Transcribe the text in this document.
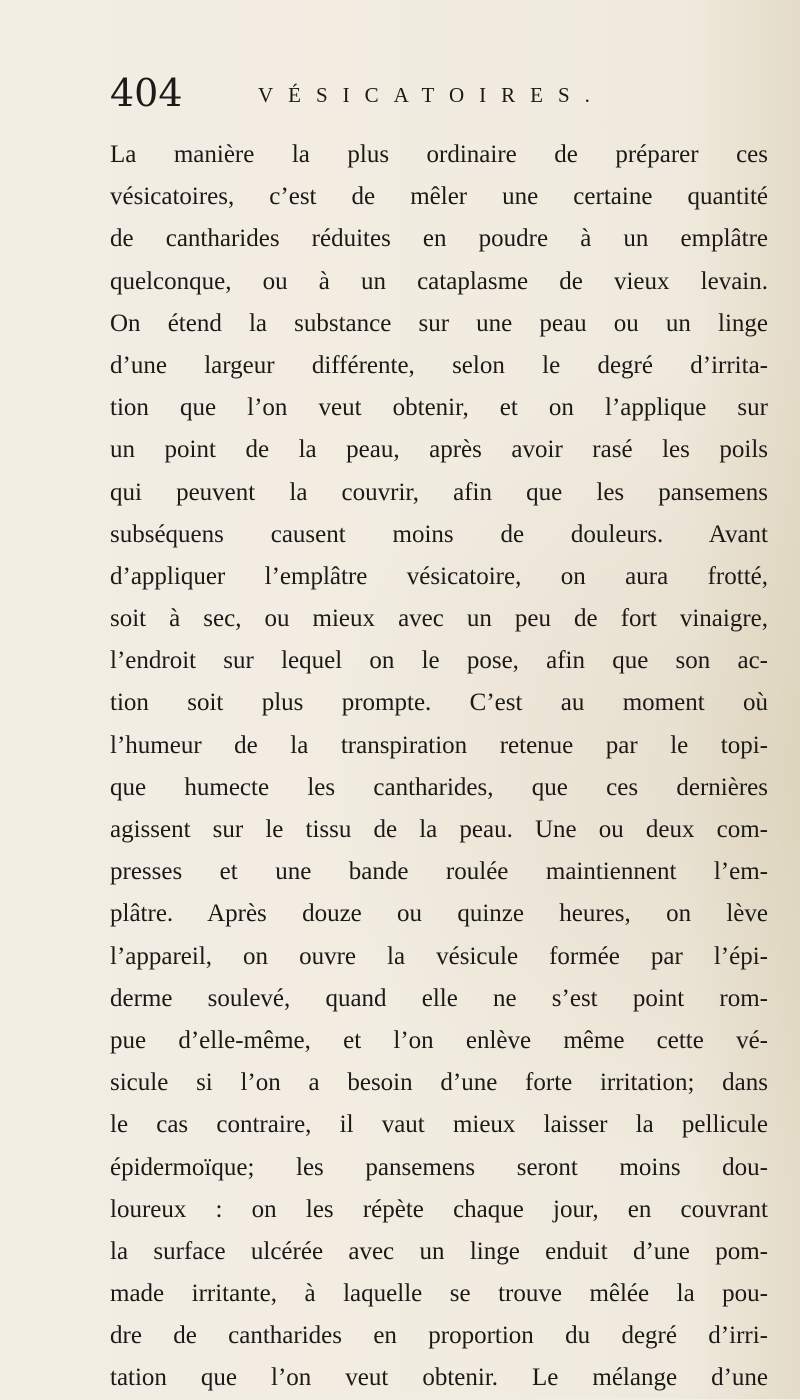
404	VÉSICATOIRES.
La manière la plus ordinaire de préparer ces
vésicatoires, c’est de mêler une certaine quantité
de cantharides réduites en poudre à un emplâtre
quelconque, ou à un cataplasme de vieux levain.
On étend la substance sur une peau ou un linge
d’une largeur différente, selon le degré d’irrita-
tion que l’on veut obtenir, et on l’applique sur
un point de la peau, après avoir rasé les poils
qui peuvent la couvrir, afin que les pansemens
subséquens causent moins de douleurs. Avant
d’appliquer l’emplâtre vésicatoire, on aura frotté,
soit à sec, ou mieux avec un peu de fort vinaigre,
l’endroit sur lequel on le pose, afin que son ac-
tion soit plus prompte. C’est au moment où
l’humeur de la transpiration retenue par le topi-
que humecte les cantharides, que ces dernières
agissent sur le tissu de la peau. Une ou deux com-
presses et une bande roulée maintiennent l’em-
plâtre. Après douze ou quinze heures, on lève
l’appareil, on ouvre la vésicule formée par l’épi-
derme soulevé, quand elle ne s’est point rom-
pue d’elle-même, et l’on enlève même cette vé-
sicule si l’on a besoin d’une forte irritation; dans
le cas contraire, il vaut mieux laisser la pellicule
épidermoïque; les pansemens seront moins dou-
loureux : on les répète chaque jour, en couvrant
la surface ulcérée avec un linge enduit d’une pom-
made irritante, à laquelle se trouve mêlée la pou-
dre de cantharides en proportion du degré d’irri-
tation que l’on veut obtenir. Le mélange d’une
